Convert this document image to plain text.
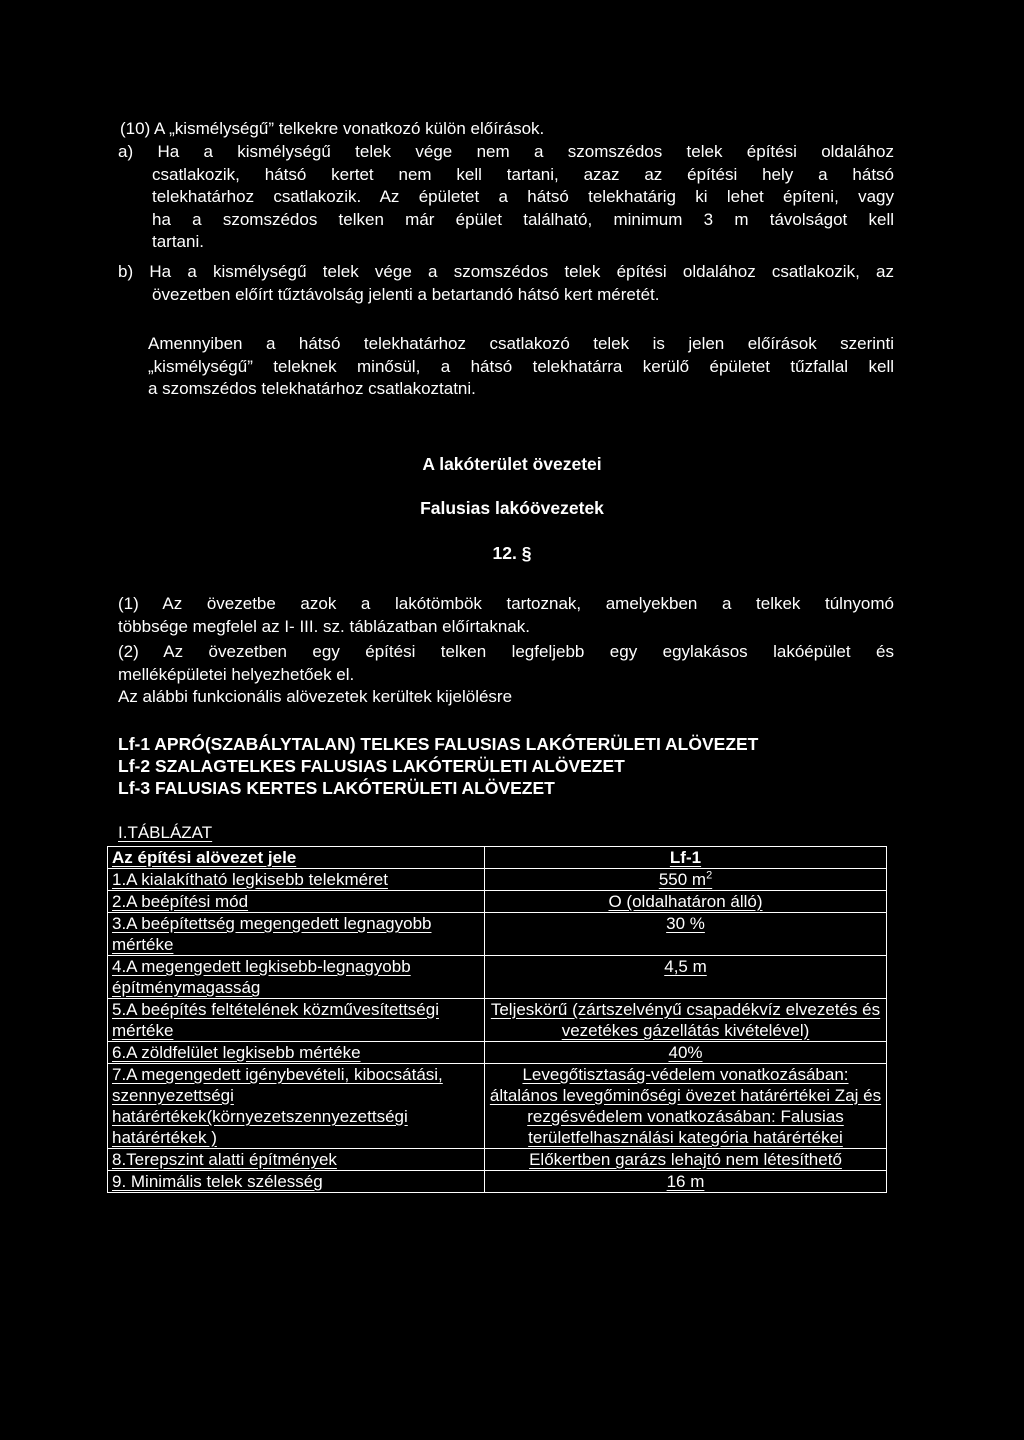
(10) A „kismélységű” telkekre vonatkozó külön előírások.
a) Ha a kismélységű telek vége nem a szomszédos telek építési oldalához
csatlakozik, hátsó kertet nem kell tartani, azaz az építési hely a hátsó
telekhatárhoz csatlakozik. Az épületet a hátsó telekhatárig ki lehet építeni, vagy
ha a szomszédos telken már épület található, minimum 3 m távolságot kell
tartani.
b) Ha a kismélységű telek vége a szomszédos telek építési oldalához csatlakozik, az
övezetben előírt tűztávolság jelenti a betartandó hátsó kert méretét.
Amennyiben a hátsó telekhatárhoz csatlakozó telek is jelen előírások szerinti
„kismélységű” teleknek minősül, a hátsó telekhatárra kerülő épületet tűzfallal kell
a szomszédos telekhatárhoz csatlakoztatni.
A lakóterület övezetei
Falusias lakóövezetek
12. §
(1) Az övezetbe azok a lakótömbök tartoznak, amelyekben a telkek túlnyomó
többsége megfelel az I- III. sz. táblázatban előírtaknak.
(2) Az övezetben egy építési telken legfeljebb egy egylakásos lakóépület és
melléképületei helyezhetőek el.
Az alábbi funkcionális alövezetek kerültek kijelölésre
Lf-1 APRÓ(SZABÁLYTALAN) TELKES FALUSIAS LAKÓTERÜLETI ALÖVEZET
Lf-2 SZALAGTELKES FALUSIAS LAKÓTERÜLETI ALÖVEZET
Lf-3 FALUSIAS KERTES LAKÓTERÜLETI ALÖVEZET
I.TÁBLÁZAT
Az építési alövezet jele	Lf-1
1.A kialakítható legkisebb telekméret	550 $m^2$
2.A beépítési mód	O (oldalhatáron álló)
3.A beépítettség megengedett legnagyobb mértéke	30 %
4.A megengedett legkisebb-legnagyobb építménymagasság	4,5 m
5.A beépítés feltételének közművesítettségi mértéke	Teljeskörű (zártszelvényű csapadékvíz elvezetés és vezetékes gázellátás kivételével)
6.A zöldfelület legkisebb mértéke	40%
7.A megengedett igénybevételi, kibocsátási, szennyezettségi határértékek(környezetszennyezettségi határértékek )	Levegőtisztaság-védelem vonatkozásában: általános levegőminőségi övezet határértékei Zaj és rezgésvédelem vonatkozásában: Falusias területfelhasználási kategória határértékei
8.Terepszint alatti építmények	Előkertben garázs lehajtó nem létesíthető
9. Minimális telek szélesség	16 m
